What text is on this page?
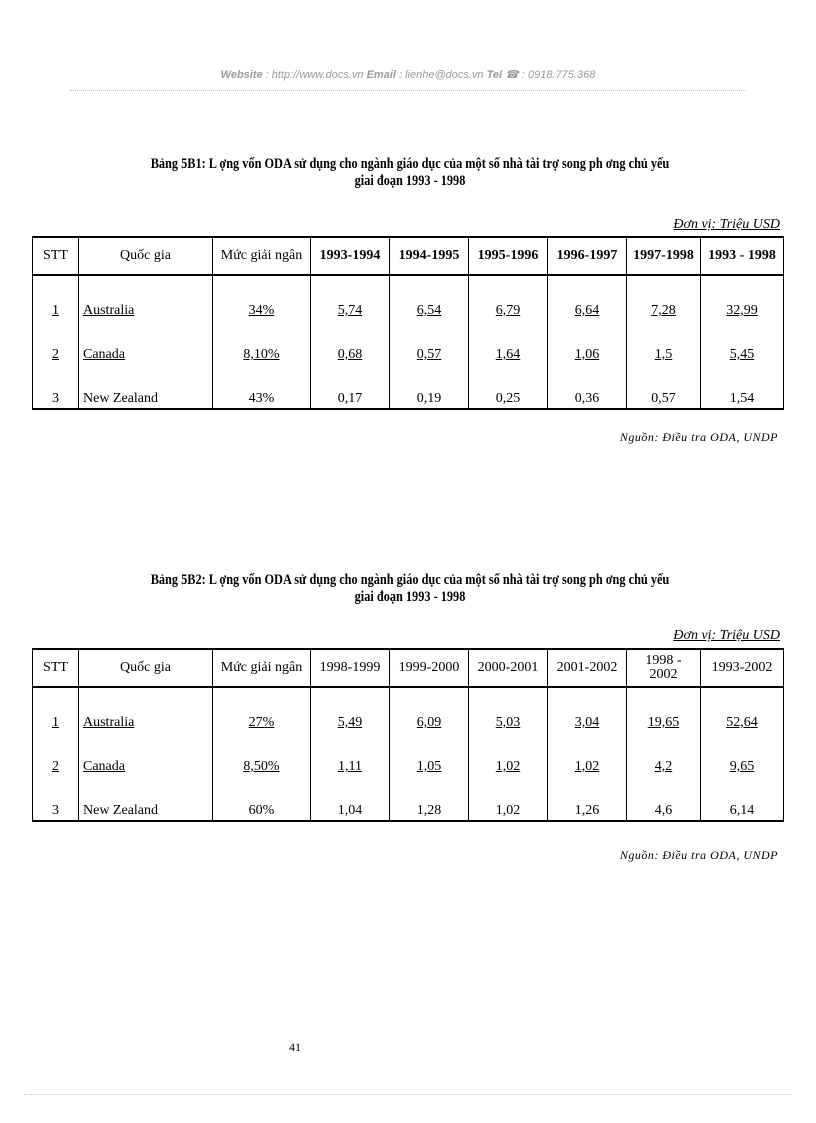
Website : http://www.docs.vn Email : lienhe@docs.vn Tel ☎ : 0918.775.368
Bảng 5B1: L ợng vốn ODA sử dụng cho ngành giáo dục của một số nhà tài trợ song ph ơng chủ yếu
giai đoạn 1993 - 1998
Đơn vị: Triệu USD
STT	Quốc gia	Mức giải ngân	1993-1994	1994-1995	1995-1996	1996-1997	1997-1998	1993 - 1998
1	Australia	34%	5,74	6,54	6,79	6,64	7,28	32,99
2	Canada	8,10%	0,68	0,57	1,64	1,06	1,5	5,45
3	New Zealand	43%	0,17	0,19	0,25	0,36	0,57	1,54
Nguồn: Điều tra ODA, UNDP
Bảng 5B2: L ợng vốn ODA sử dụng cho ngành giáo dục của một số nhà tài trợ song ph ơng chủ yếu
giai đoạn 1993 - 1998
Đơn vị: Triệu USD
STT	Quốc gia	Mức giải ngân	1998-1999	1999-2000	2000-2001	2001-2002	1998 - 2002	1993-2002
1	Australia	27%	5,49	6,09	5,03	3,04	19,65	52,64
2	Canada	8,50%	1,11	1,05	1,02	1,02	4,2	9,65
3	New Zealand	60%	1,04	1,28	1,02	1,26	4,6	6,14
Nguồn: Điều tra ODA, UNDP
41
